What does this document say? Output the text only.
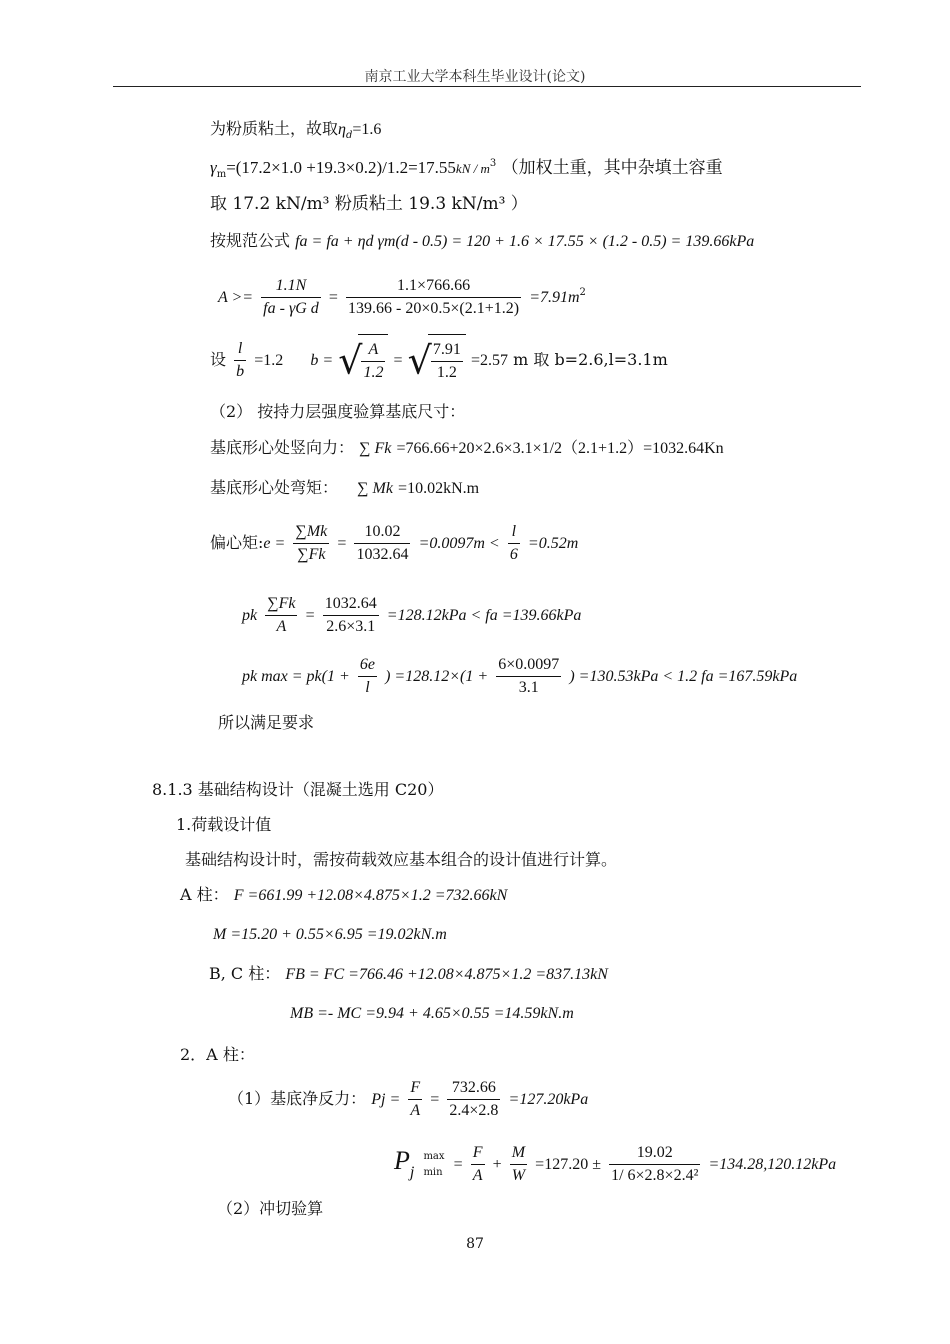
南京工业大学本科生毕业设计(论文)
为粉质粘土，故取$\eta_d=1.6$
$\gamma_m=(17.2\times 1.0 +19.3\times 0.2)/1.2=17.55kN / m^3$ （加权土重，其中杂填土容重
取 17.2 kN/m³ 粉质粘土 19.3 kN/m³ ）
按规范公式 fa = fa + ηd γm(d - 0.5) = 120 + 1.6 × 17.55 × (1.2 - 0.5) = 139.66kPa
$A >= \frac{1.1N}{\text{fa - γG d}} = \frac{1.1\times 766.66}{139.66 - 20\times 0.5\times(2.1+1.2)} =7.91m^2$
设 $\frac{l}{b} =1.2$ b = √ $\frac{A}{1.2}$ = √ $\frac{7.91}{1.2} =2.57$ m 取 b=2.6,l=3.1m
（2） 按持力层强度验算基底尺寸：
基底形心处竖向力： ∑ Fk =766.66+20×2.6×3.1×1/2（2.1+1.2）=1032.64Kn
基底形心处弯矩： ∑ Mk =10.02kN.m
偏心矩:e = $\frac{\sum Mk}{\sum Fk} = \frac{10.02}{1032.64} =0.0097m < \frac{l}{6} =0.52m$
pk $\frac{\sum Fk}{A} = \frac{1032.64}{2.6\times 3.1} =128.12kPa$ < fa =139.66kPa
pk $\max = pk(1 + \frac{6e}{l}$ ) $=128.12\times(1 + \frac{6\times 0.0097}{3.1}$ ) =130.53kPa < 1.2 fa =167.59kPa
所以满足要求
8.1.3 基础结构设计（混凝土选用 C20）
1.荷载设计值
基础结构设计时，需按荷载效应基本组合的设计值进行计算。
A 柱： F =661.99 +12.08×4.875×1.2 =732.66kN
M =15.20 + 0.55×6.95 =19.02kN.m
B, C 柱： FB = FC =766.46 +12.08×4.875×1.2 =837.13kN
MB =- MC =9.94 + 4.65×0.55 =14.59kN.m
2．A 柱：
（1）基底净反力： $Pj = \frac{F}{A} = \frac{732.66}{2.4\times 2.8} =127.20kPa$
Pj
max
$\min = \frac{F}{A} + \frac{M}{W} =127.20 \pm \frac{19.02}{\text{1/ 6×2.8×2.4²}} =134.28,120.12kPa$
（2）冲切验算
87
